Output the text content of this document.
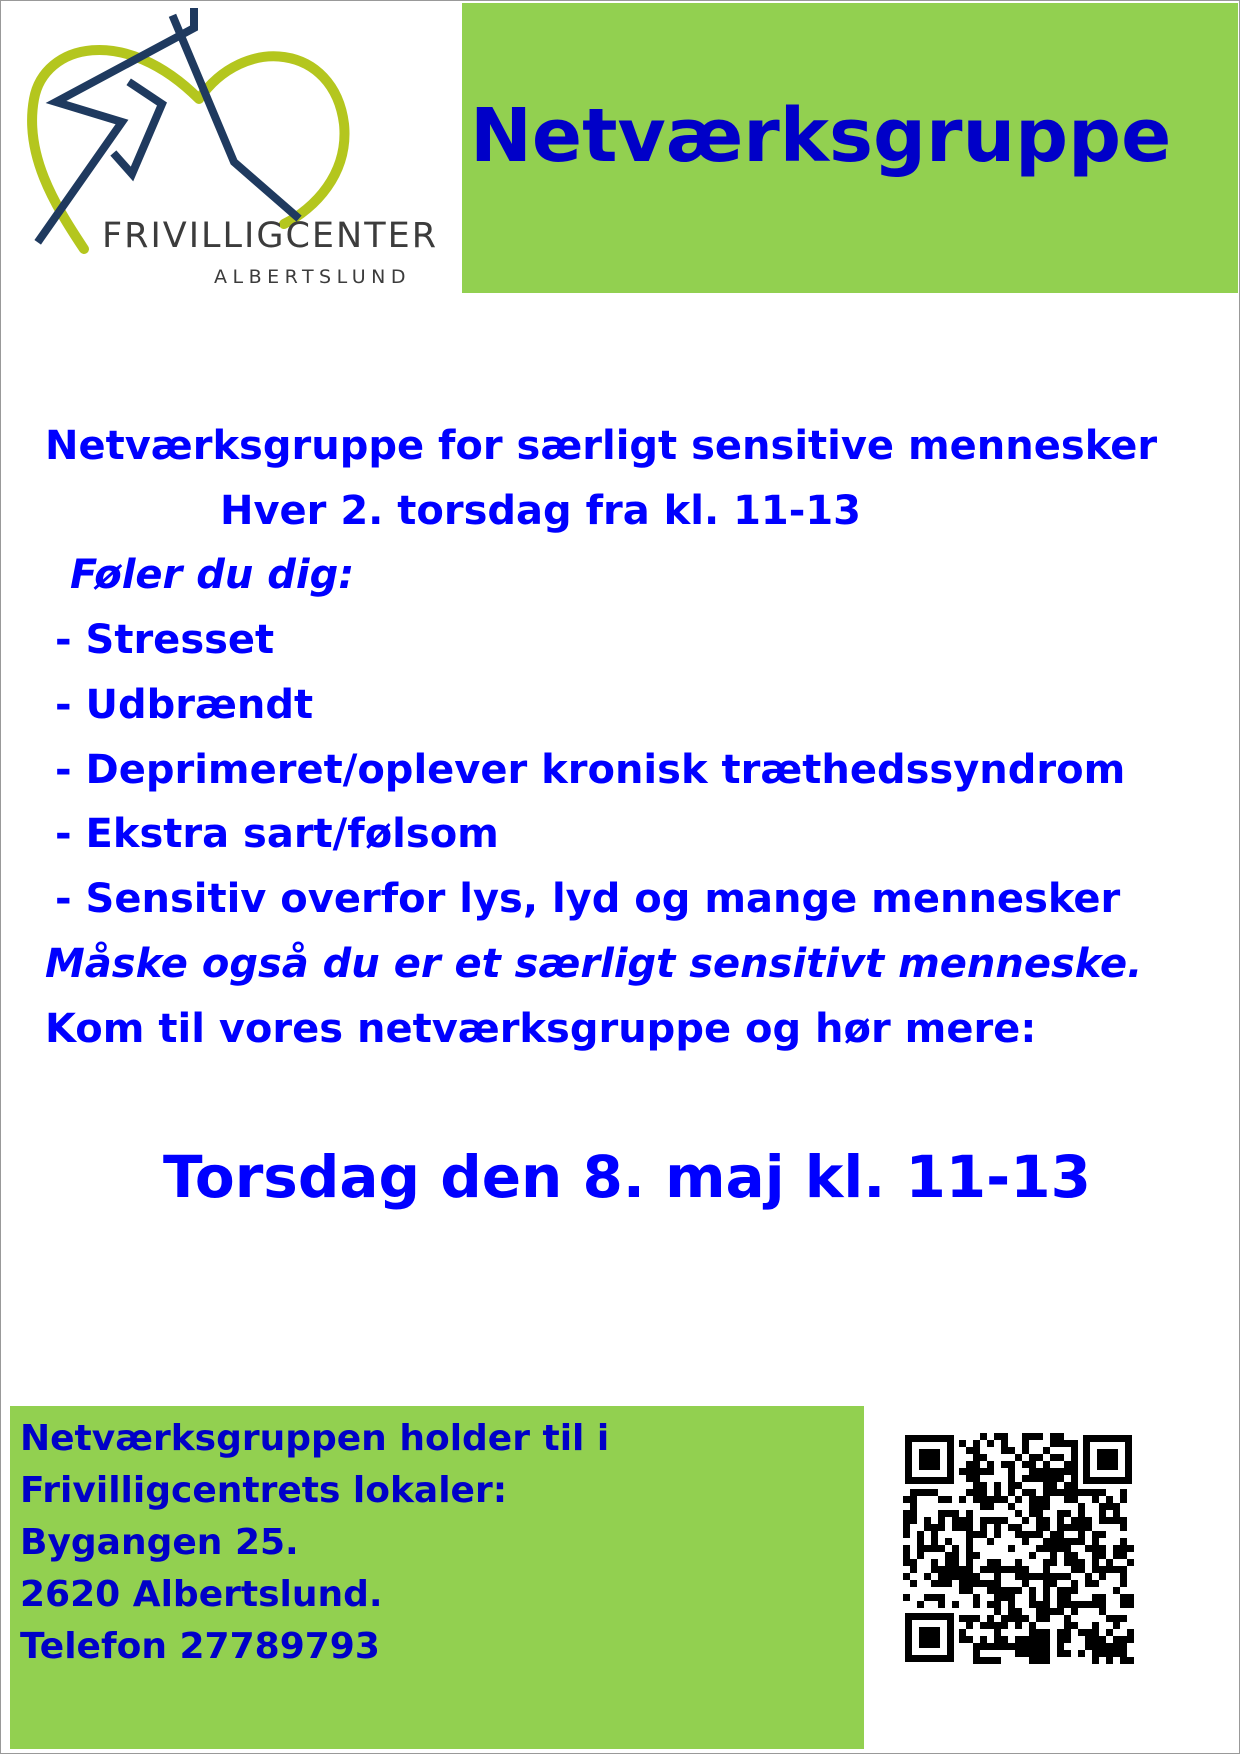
FRIVILLIGCENTER
ALBERTSLUND
Netværksgruppe

Netværksgruppe for særligt sensitive mennesker

Hver 2. torsdag fra kl. 11-13

Føler du dig:

- Stresset

- Udbrændt

- Deprimeret/oplever kronisk træthedssyndrom

- Ekstra sart/følsom

- Sensitiv overfor lys, lyd og mange mennesker

Måske også du er et særligt sensitivt menneske.

Kom til vores netværksgruppe og hør mere:

Torsdag den 8. maj kl. 11-13

Netværksgruppen holder til i

Frivilligcentrets lokaler:

Bygangen 25.

2620 Albertslund.

Telefon 27789793
